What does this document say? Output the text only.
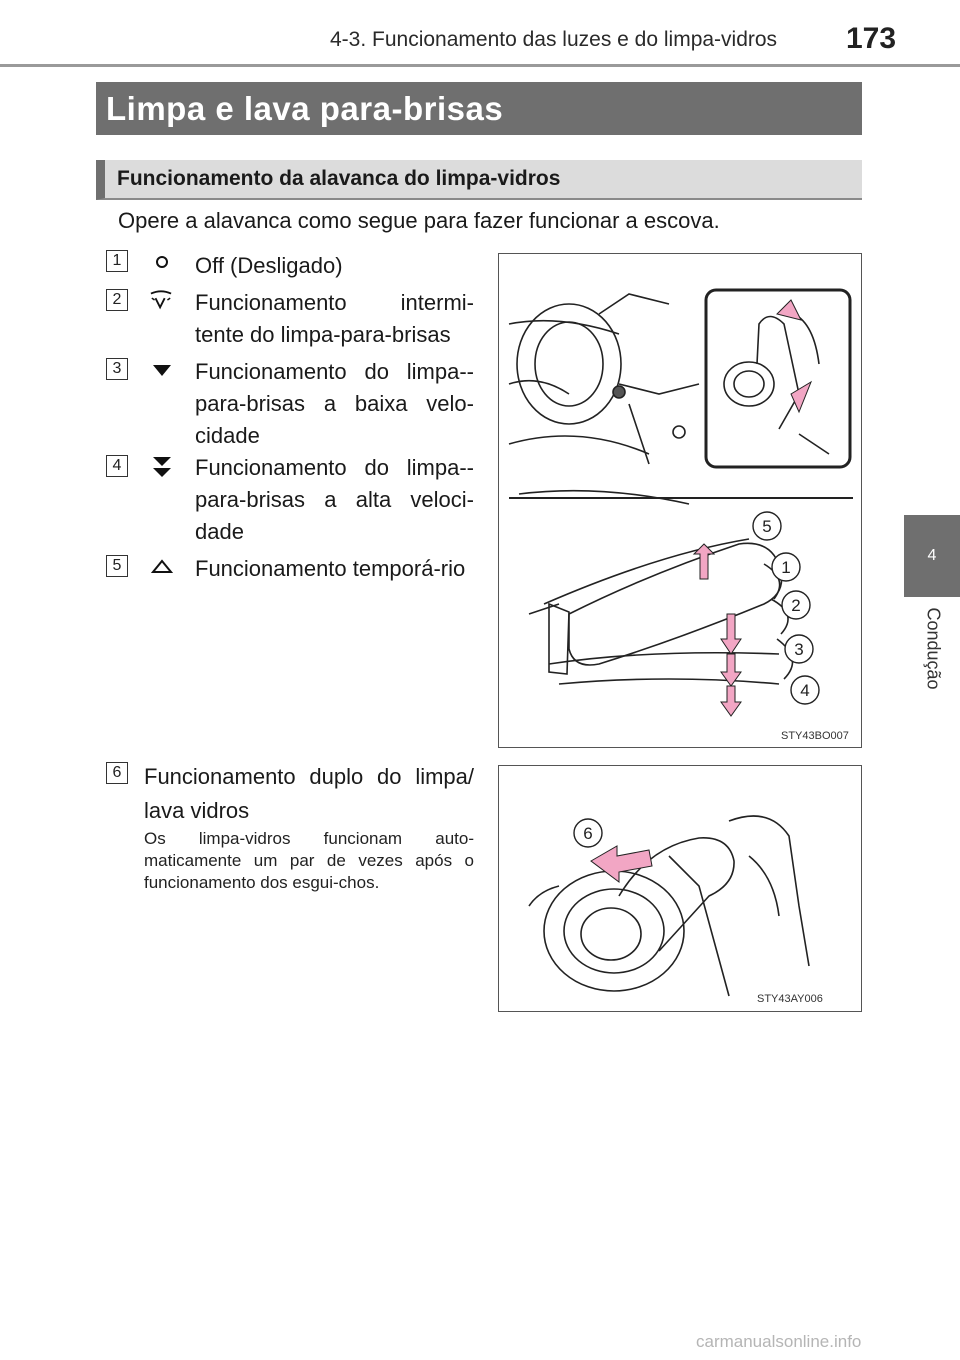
4-3. Funcionamento das luzes e do limpa-vidros 173
Limpa e lava para-brisas
Funcionamento da alavanca do limpa-vidros
Opere a alavanca como segue para fazer funcionar a escova.
1	Off (Desligado)
2	Funcionamento intermi-tente do limpa-para-brisas
3	Funcionamento do limpa--para-brisas a baixa velo-cidade
4	Funcionamento do limpa--para-brisas a alta veloci-dade
5	Funcionamento temporá-rio
5
1
2
3
4
STY43BO007
6 Funcionamento duplo do limpa/ lava vidros
Os limpa-vidros funcionam auto-maticamente um par de vezes após o funcionamento dos esgui-chos.
6
STY43AY006
4
Condução
carmanualsonline.info
